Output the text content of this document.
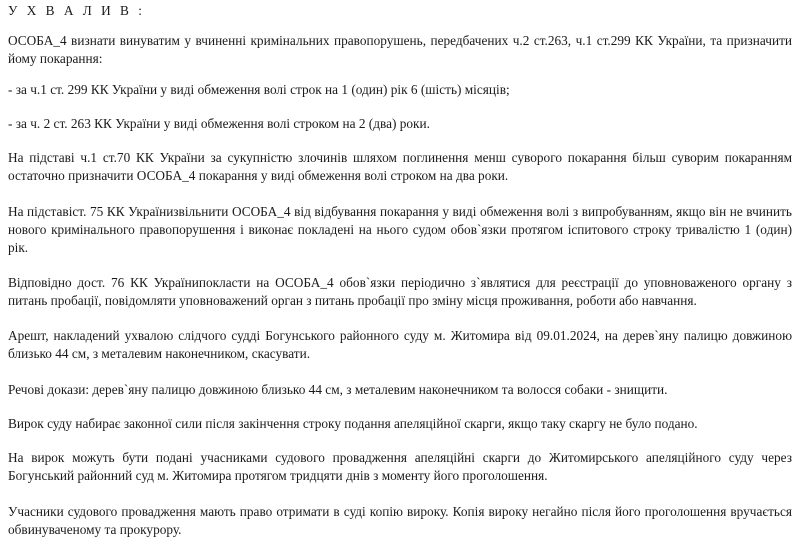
У Х В А Л И В :

ОСОБА_4 визнати винуватим у вчиненні кримінальних правопорушень, передбачених ч.2 ст.263, ч.1 ст.299 КК України, та призначити йому покарання:

- за ч.1 ст. 299 КК України у виді обмеження волі строк на 1 (один) рік 6 (шість) місяців;

- за ч. 2 ст. 263 КК України у виді обмеження волі строком на 2 (два) роки.

На підставі ч.1 ст.70 КК України за сукупністю злочинів шляхом поглинення менш суворого покарання більш суворим покаранням остаточно призначити ОСОБА_4 покарання у виді обмеження волі строком на два роки.

На підставіст. 75 КК Українизвільнити ОСОБА_4 від відбування покарання у виді обмеження волі з випробуванням, якщо він не вчинить нового кримінального правопорушення і виконає покладені на нього судом обов`язки протягом іспитового строку тривалістю 1 (один) рік.

Відповідно дост. 76 КК Українипокласти на ОСОБА_4 обов`язки періодично з`являтися для реєстрації до уповноваженого органу з питань пробації, повідомляти уповноважений орган з питань пробації про зміну місця проживання, роботи або навчання.

Арешт, накладений ухвалою слідчого судді Богунського районного суду м. Житомира від 09.01.2024, на дерев`яну палицю довжиною близько 44 см, з металевим наконечником, скасувати.

Речові докази: дерев`яну палицю довжиною близько 44 см, з металевим наконечником та волосся собаки - знищити.

Вирок суду набирає законної сили після закінчення строку подання апеляційної скарги, якщо таку скаргу не було подано.

На вирок можуть бути подані учасниками судового провадження апеляційні скарги до Житомирського апеляційного суду через Богунський районний суд м. Житомира протягом тридцяти днів з моменту його проголошення.

Учасники судового провадження мають право отримати в суді копію вироку. Копія вироку негайно після його проголошення вручається обвинуваченому та прокурору.
